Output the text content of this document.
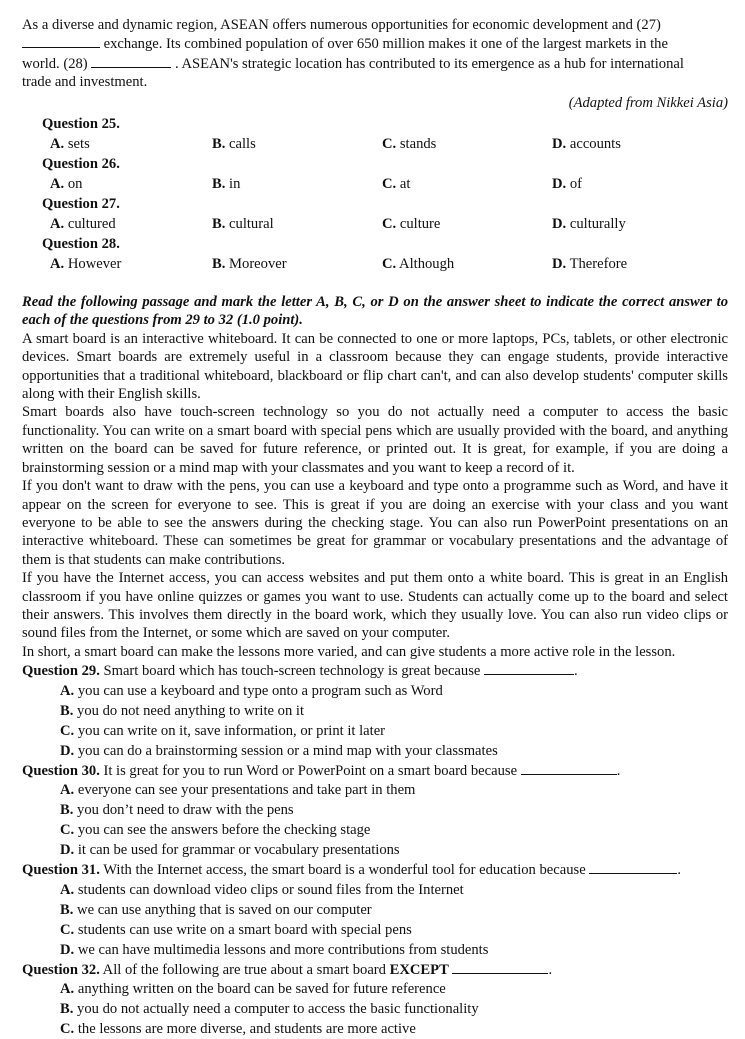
As a diverse and dynamic region, ASEAN offers numerous opportunities for economic development and (27)

exchange. Its combined population of over 650 million makes it one of the largest markets in the

world. (28)	. ASEAN's strategic location has contributed to its emergence as a hub for international

trade and investment.

(Adapted from Nikkei Asia)

Question 25.
A. sets	B. calls	C. stands	D. accounts
Question 26.
A. on	B. in	C. at	D. of
Question 27.
A. cultured	B. cultural	C. culture	D. culturally
Question 28.
A. However	B. Moreover	C. Although	D. Therefore

Read the following passage and mark the letter A, B, C, or D on the answer sheet to indicate the correct answer to each of the questions from 29 to 32 (1.0 point).

A smart board is an interactive whiteboard. It can be connected to one or more laptops, PCs, tablets, or other electronic devices. Smart boards are extremely useful in a classroom because they can engage students, provide interactive opportunities that a traditional whiteboard, blackboard or flip chart can't, and can also develop students' computer skills along with their English skills.

Smart boards also have touch-screen technology so you do not actually need a computer to access the basic functionality. You can write on a smart board with special pens which are usually provided with the board, and anything written on the board can be saved for future reference, or printed out. It is great, for example, if you are doing a brainstorming session or a mind map with your classmates and you want to keep a record of it.

If you don't want to draw with the pens, you can use a keyboard and type onto a programme such as Word, and have it appear on the screen for everyone to see. This is great if you are doing an exercise with your class and you want everyone to be able to see the answers during the checking stage. You can also run PowerPoint presentations on an interactive whiteboard. These can sometimes be great for grammar or vocabulary presentations and the advantage of them is that students can make contributions.

If you have the Internet access, you can access websites and put them onto a white board. This is great in an English classroom if you have online quizzes or games you want to use. Students can actually come up to the board and select their answers. This involves them directly in the board work, which they usually love. You can also run video clips or sound files from the Internet, or some which are saved on your computer.

In short, a smart board can make the lessons more varied, and can give students a more active role in the lesson.

Question 29. Smart board which has touch-screen technology is great because	.
A. you can use a keyboard and type onto a program such as Word
B. you do not need anything to write on it
C. you can write on it, save information, or print it later
D. you can do a brainstorming session or a mind map with your classmates
Question 30. It is great for you to run Word or PowerPoint on a smart board because	.
A. everyone can see your presentations and take part in them
B. you don’t need to draw with the pens
C. you can see the answers before the checking stage
D. it can be used for grammar or vocabulary presentations
Question 31. With the Internet access, the smart board is a wonderful tool for education because	.
A. students can download video clips or sound files from the Internet
B. we can use anything that is saved on our computer
C. students can use write on a smart board with special pens
D. we can have multimedia lessons and more contributions from students
Question 32. All of the following are true about a smart board EXCEPT	.
A. anything written on the board can be saved for future reference
B. you do not actually need a computer to access the basic functionality
C. the lessons are more diverse, and students are more active
